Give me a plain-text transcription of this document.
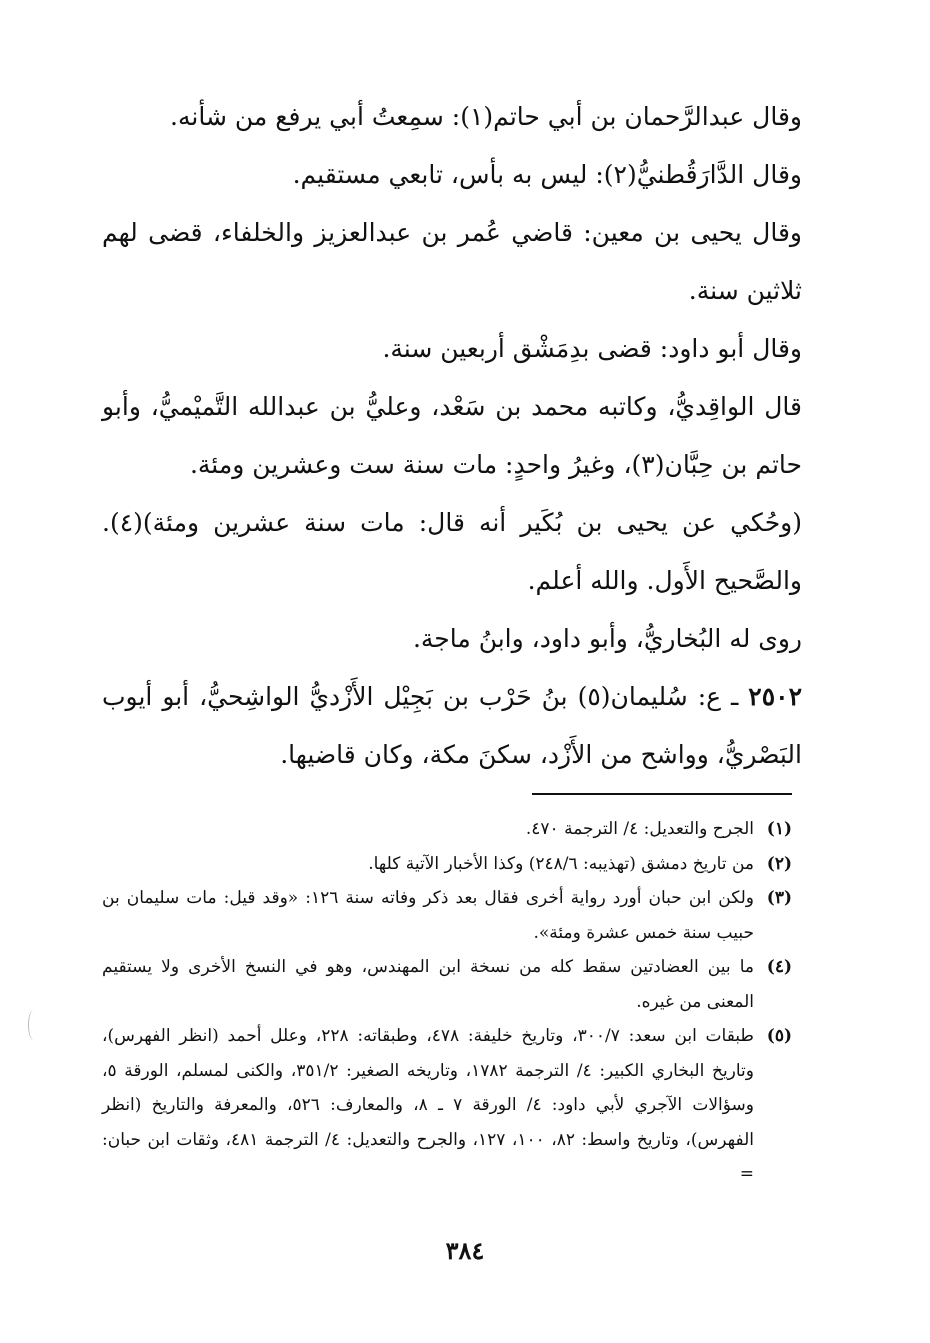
وقال عبدالرَّحمان بن أبي حاتم(١): سمِعتُ أبي يرفع من شأنه.

وقال الدَّارَقُطنيُّ(٢): ليس به بأس، تابعي مستقيم.

وقال يحيى بن معين: قاضي عُمر بن عبدالعزيز والخلفاء، قضى لهم ثلاثين سنة.

وقال أبو داود: قضى بدِمَشْق أربعين سنة.

قال الواقِديُّ، وكاتبه محمد بن سَعْد، وعليُّ بن عبدالله التَّميْميُّ، وأبو حاتم بن حِبَّان(٣)، وغيرُ واحدٍ: مات سنة ست وعشرين ومئة.

(وحُكي عن يحيى بن بُكَير أنه قال: مات سنة عشرين ومئة)(٤). والصَّحيح الأَول. والله أعلم.

روى له البُخاريُّ، وأبو داود، وابنُ ماجة.

٢٥٠٢ ـ ع: سُليمان(٥) بنُ حَرْب بن بَجِيْل الأَزْديُّ الواشِحيُّ، أبو أيوب البَصْريُّ، وواشح من الأَزْد، سكنَ مكة، وكان قاضيها.

(١)
الجرح والتعديل: ٤/ الترجمة ٤٧٠.
(٢)
من تاريخ دمشق (تهذيبه: ٢٤٨/٦) وكذا الأخبار الآتية كلها.
(٣)
ولكن ابن حبان أورد رواية أخرى فقال بعد ذكر وفاته سنة ١٢٦: «وقد قيل: مات سليمان بن حبيب سنة خمس عشرة ومئة».
(٤)
ما بين العضادتين سقط كله من نسخة ابن المهندس، وهو في النسخ الأخرى ولا يستقيم المعنى من غيره.
(٥)
طبقات ابن سعد: ٣٠٠/٧، وتاريخ خليفة: ٤٧٨، وطبقاته: ٢٢٨، وعلل أحمد (انظر الفهرس)، وتاريخ البخاري الكبير: ٤/ الترجمة ١٧٨٢، وتاريخه الصغير: ٣٥١/٢، والكنى لمسلم، الورقة ٥، وسؤالات الآجري لأبي داود: ٤/ الورقة ٧ ـ ٨، والمعارف: ٥٢٦، والمعرفة والتاريخ (انظر الفهرس)، وتاريخ واسط: ٨٢، ١٠٠، ١٢٧، والجرح والتعديل: ٤/ الترجمة ٤٨١، وثقات ابن حبان: =
٣٨٤
